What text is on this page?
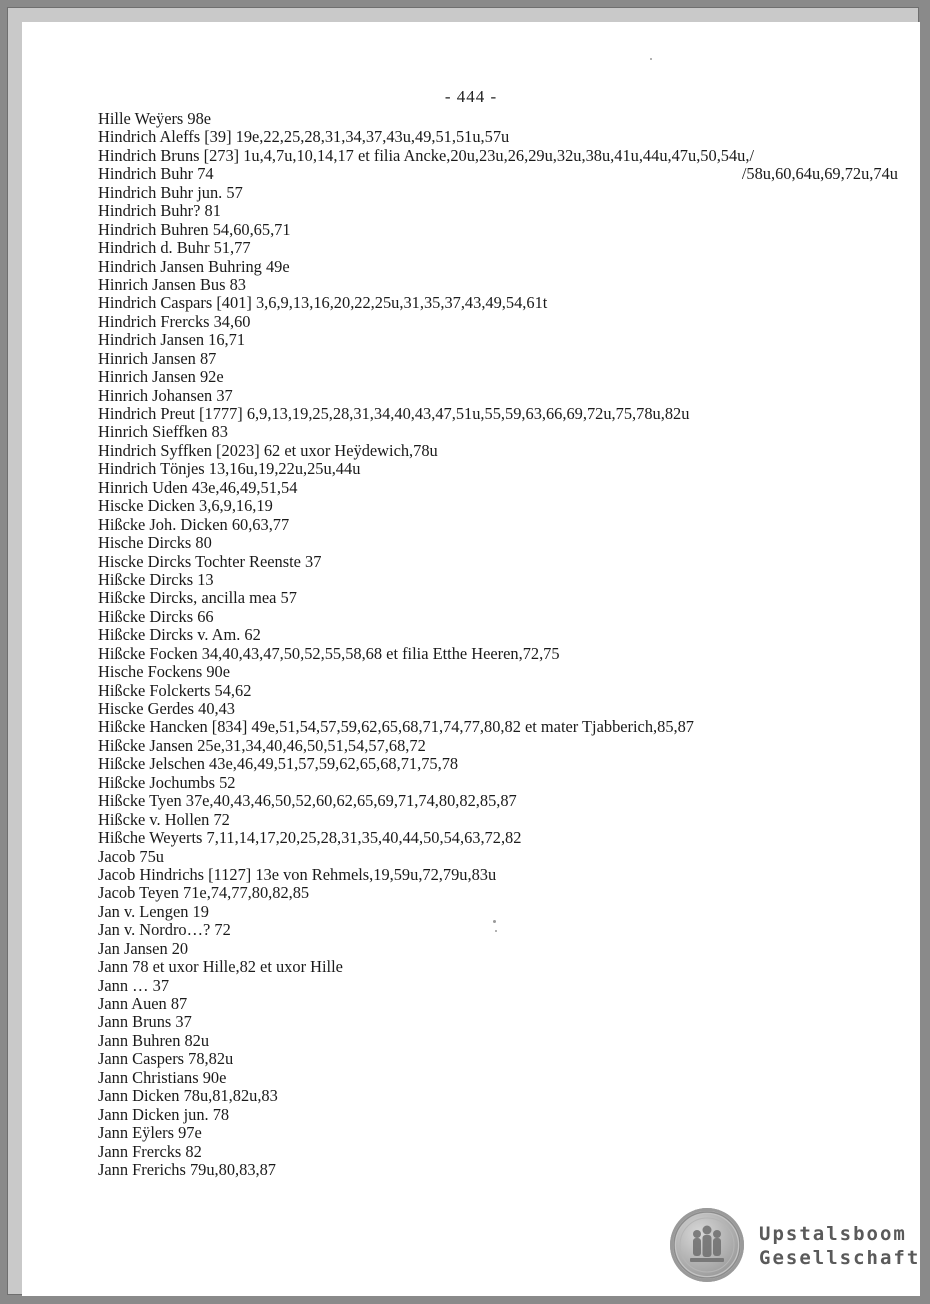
- 444 -
Hille Weÿers 98e
Hindrich Aleffs [39] 19e,22,25,28,31,34,37,43u,49,51,51u,57u
Hindrich Bruns [273] 1u,4,7u,10,14,17 et filia Ancke,20u,23u,26,29u,32u,38u,41u,44u,47u,50,54u,/
Hindrich Buhr 74	/58u,60,64u,69,72u,74u
Hindrich Buhr jun. 57
Hindrich Buhr? 81
Hindrich Buhren 54,60,65,71
Hindrich d. Buhr 51,77
Hindrich Jansen Buhring 49e
Hinrich Jansen Bus 83
Hindrich Caspars [401] 3,6,9,13,16,20,22,25u,31,35,37,43,49,54,61t
Hindrich Frercks 34,60
Hindrich Jansen 16,71
Hinrich Jansen 87
Hinrich Jansen 92e
Hinrich Johansen 37
Hindrich Preut [1777] 6,9,13,19,25,28,31,34,40,43,47,51u,55,59,63,66,69,72u,75,78u,82u
Hinrich Sieffken 83
Hindrich Syffken [2023] 62 et uxor Heÿdewich,78u
Hindrich Tönjes 13,16u,19,22u,25u,44u
Hinrich Uden 43e,46,49,51,54
Hiscke Dicken 3,6,9,16,19
Hißcke Joh. Dicken 60,63,77
Hische Dircks 80
Hiscke Dircks Tochter Reenste 37
Hißcke Dircks 13
Hißcke Dircks, ancilla mea 57
Hißcke Dircks 66
Hißcke Dircks v. Am. 62
Hißcke Focken 34,40,43,47,50,52,55,58,68 et filia Etthe Heeren,72,75
Hische Fockens 90e
Hißcke Folckerts 54,62
Hiscke Gerdes 40,43
Hißcke Hancken [834] 49e,51,54,57,59,62,65,68,71,74,77,80,82 et mater Tjabberich,85,87
Hißcke Jansen 25e,31,34,40,46,50,51,54,57,68,72
Hißcke Jelschen 43e,46,49,51,57,59,62,65,68,71,75,78
Hißcke Jochumbs 52
Hißcke Tyen 37e,40,43,46,50,52,60,62,65,69,71,74,80,82,85,87
Hißcke v. Hollen 72
Hißche Weyerts 7,11,14,17,20,25,28,31,35,40,44,50,54,63,72,82
Jacob 75u
Jacob Hindrichs [1127] 13e von Rehmels,19,59u,72,79u,83u
Jacob Teyen 71e,74,77,80,82,85
Jan v. Lengen 19
Jan v. Nordro…? 72
Jan Jansen 20
Jann 78 et uxor Hille,82 et uxor Hille
Jann … 37
Jann Auen 87
Jann Bruns 37
Jann Buhren 82u
Jann Caspers 78,82u
Jann Christians 90e
Jann Dicken 78u,81,82u,83
Jann Dicken jun. 78
Jann Eÿlers 97e
Jann Frercks 82
Jann Frerichs 79u,80,83,87
Upstalsboom
Gesellschaft
